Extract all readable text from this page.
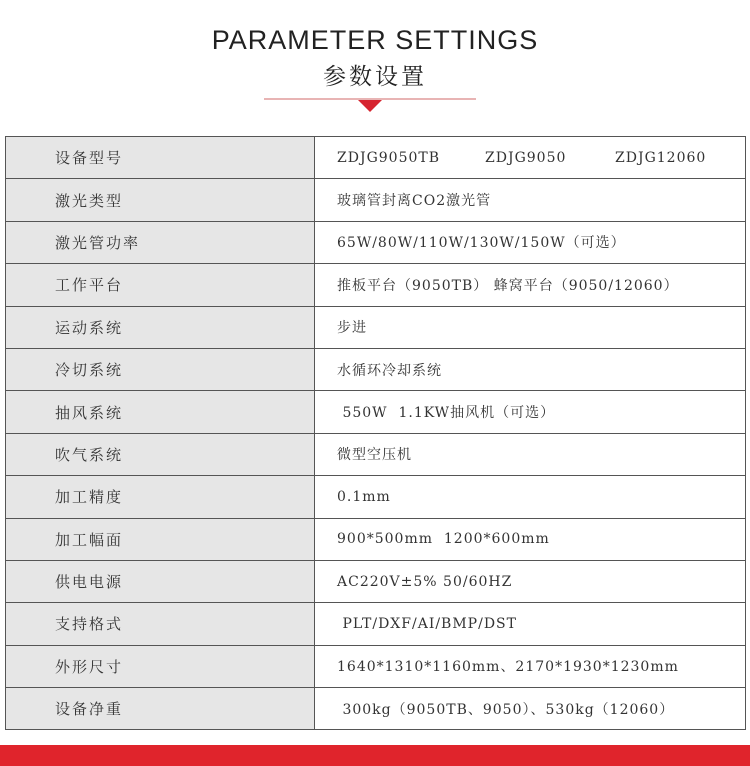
PARAMETER SETTINGS
参数设置
设备型号	ZDJG9050TB ZDJG9050 ZDJG12060
激光类型	玻璃管封离CO2激光管
激光管功率	65W/80W/110W/130W/150W（可选）
工作平台	推板平台（9050TB） 蜂窝平台（9050/12060）
运动系统	步进
冷切系统	水循环冷却系统
抽风系统	550W  1.1KW抽风机（可选）
吹气系统	微型空压机
加工精度	0.1mm
加工幅面	900*500mm  1200*600mm
供电电源	AC220V±5% 50/60HZ
支持格式	PLT/DXF/AI/BMP/DST
外形尺寸	1640*1310*1160mm、2170*1930*1230mm
设备净重	300kg（9050TB、9050）、530kg（12060）
